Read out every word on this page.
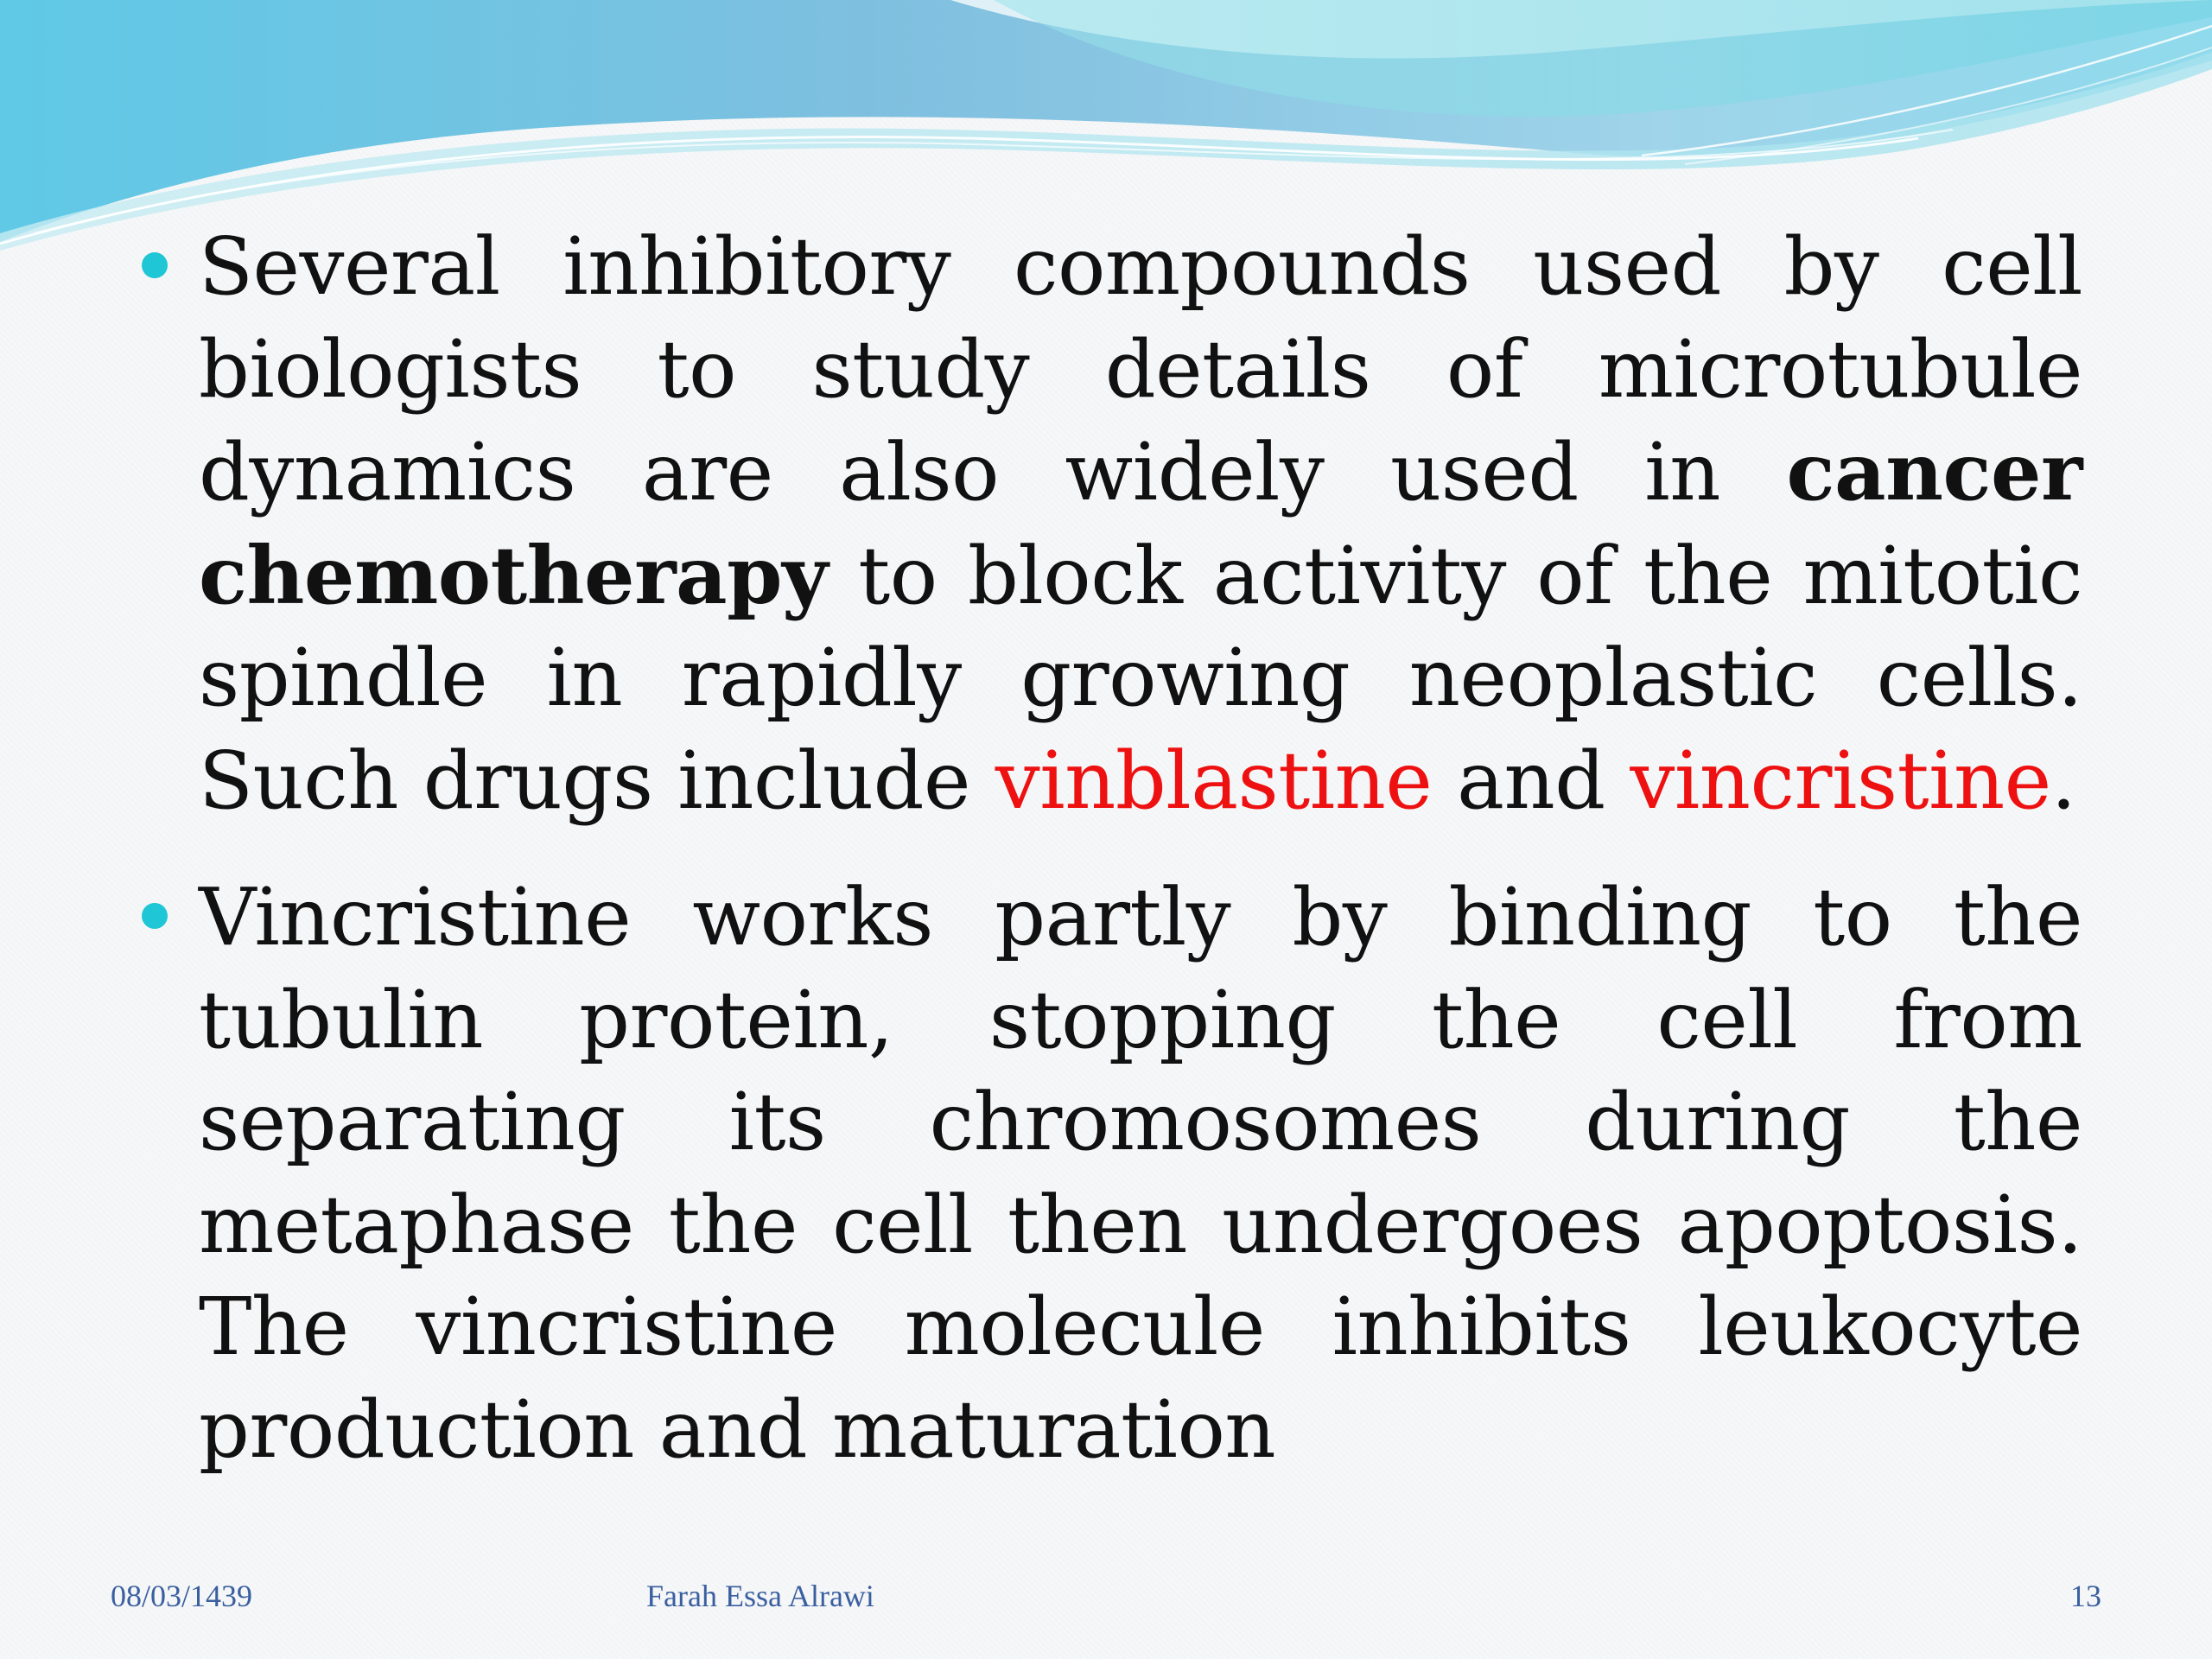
Several inhibitory compounds used by cell biologists to study details of microtubule dynamics are also widely used in cancer chemotherapy to block activity of the mitotic spindle in rapidly growing neoplastic cells. Such drugs include vinblastine and vincristine.

Vincristine works partly by binding to the tubulin protein, stopping the cell from separating its chromosomes during the metaphase the cell then undergoes apoptosis. The vincristine molecule inhibits leukocyte production and maturation

08/03/1439	Farah Essa Alrawi	13
